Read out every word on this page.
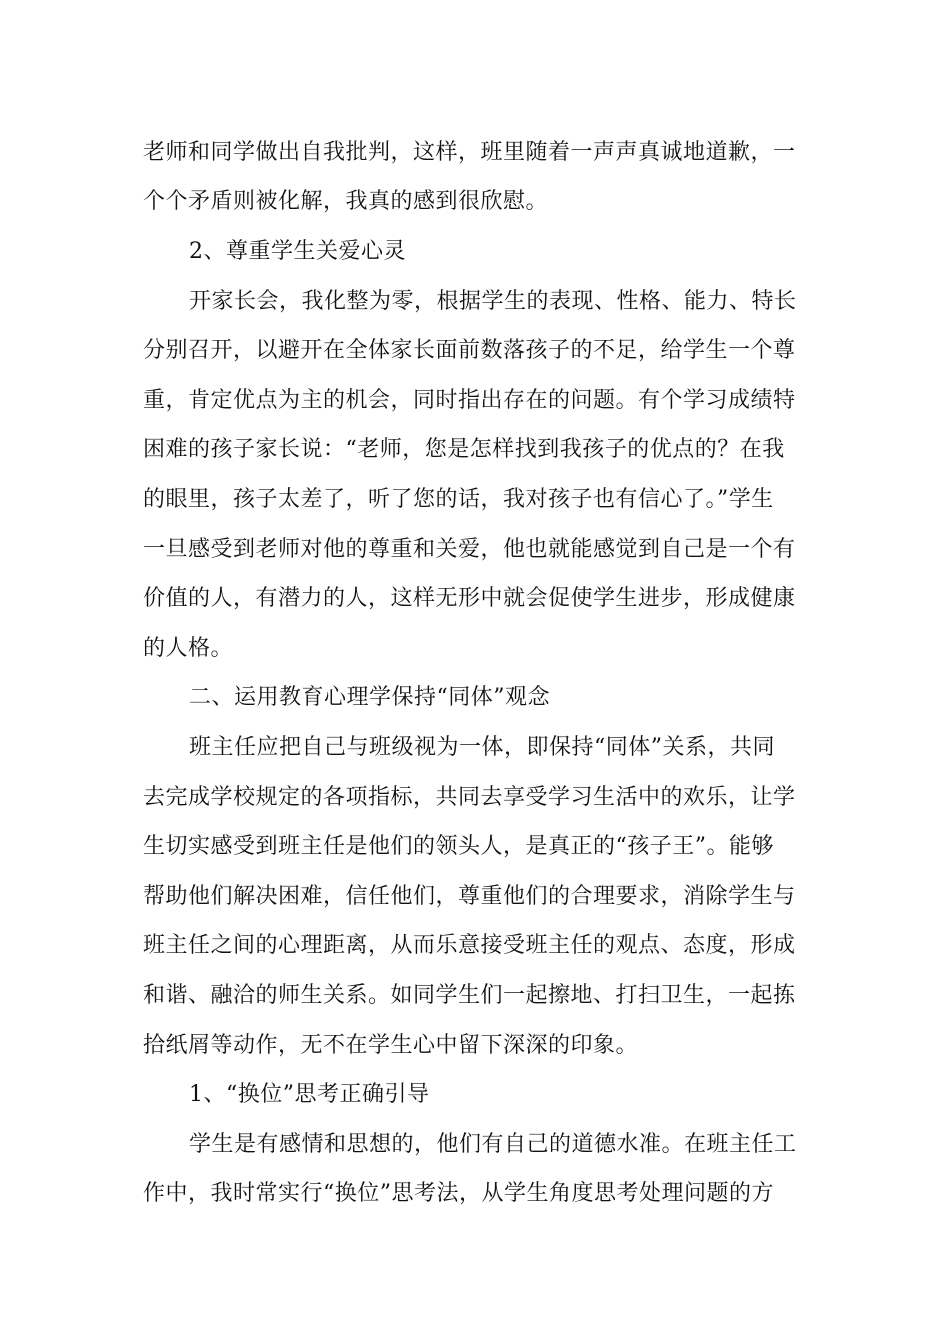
老师和同学做出自我批判，这样，班里随着一声声真诚地道歉，一
个个矛盾则被化解，我真的感到很欣慰。
2、尊重学生关爱心灵
开家长会，我化整为零，根据学生的表现、性格、能力、特长
分别召开，以避开在全体家长面前数落孩子的不足，给学生一个尊
重，肯定优点为主的机会，同时指出存在的问题。有个学习成绩特
困难的孩子家长说：“老师，您是怎样找到我孩子的优点的？在我
的眼里，孩子太差了，听了您的话，我对孩子也有信心了。”学生
一旦感受到老师对他的尊重和关爱，他也就能感觉到自己是一个有
价值的人，有潜力的人，这样无形中就会促使学生进步，形成健康
的人格。
二、运用教育心理学保持“同体”观念
班主任应把自己与班级视为一体，即保持“同体”关系，共同
去完成学校规定的各项指标，共同去享受学习生活中的欢乐，让学
生切实感受到班主任是他们的领头人，是真正的“孩子王”。能够
帮助他们解决困难，信任他们，尊重他们的合理要求，消除学生与
班主任之间的心理距离，从而乐意接受班主任的观点、态度，形成
和谐、融洽的师生关系。如同学生们一起擦地、打扫卫生，一起拣
拾纸屑等动作，无不在学生心中留下深深的印象。
1、“换位”思考正确引导
学生是有感情和思想的，他们有自己的道德水准。在班主任工
作中，我时常实行“换位”思考法，从学生角度思考处理问题的方
